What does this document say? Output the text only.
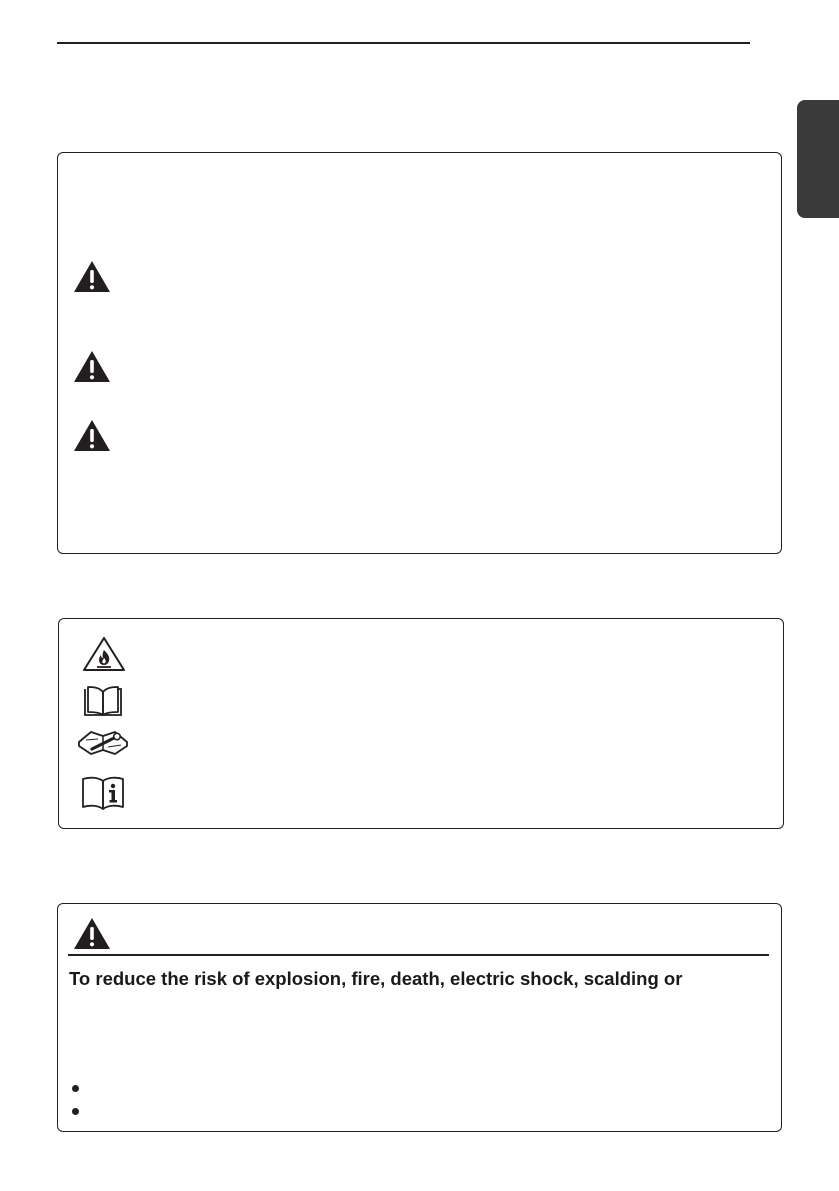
To reduce the risk of explosion, fire, death, electric shock, scalding or
